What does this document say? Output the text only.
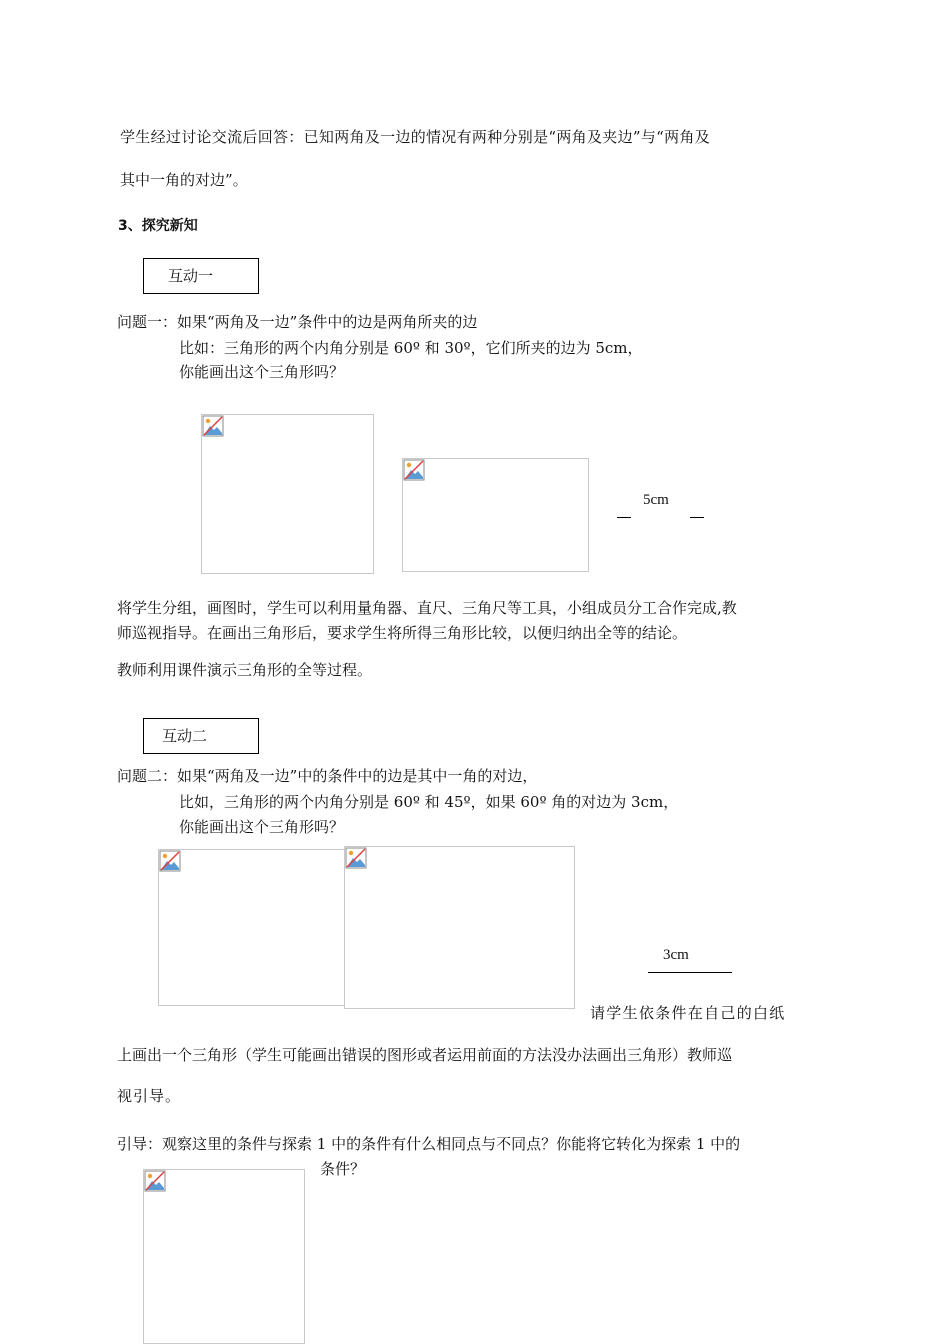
学生经过讨论交流后回答：已知两角及一边的情况有两种分别是“两角及夹边”与“两角及
其中一角的对边”。
3、探究新知
互动一
问题一：如果“两角及一边”条件中的边是两角所夹的边
比如：三角形的两个内角分别是 60º 和 30º，它们所夹的边为 5cm，
你能画出这个三角形吗？
5cm
将学生分组，画图时，学生可以利用量角器、直尺、三角尺等工具，小组成员分工合作完成,教
师巡视指导。在画出三角形后，要求学生将所得三角形比较，以便归纳出全等的结论。
教师利用课件演示三角形的全等过程。
互动二
问题二：如果“两角及一边”中的条件中的边是其中一角的对边，
比如，三角形的两个内角分别是 60º 和 45º，如果 60º 角的对边为 3cm，
你能画出这个三角形吗？
3cm
请学生依条件在自己的白纸
上画出一个三角形（学生可能画出错误的图形或者运用前面的方法没办法画出三角形）教师巡
视引导。
引导：观察这里的条件与探索 1 中的条件有什么相同点与不同点？你能将它转化为探索 1 中的
条件？
